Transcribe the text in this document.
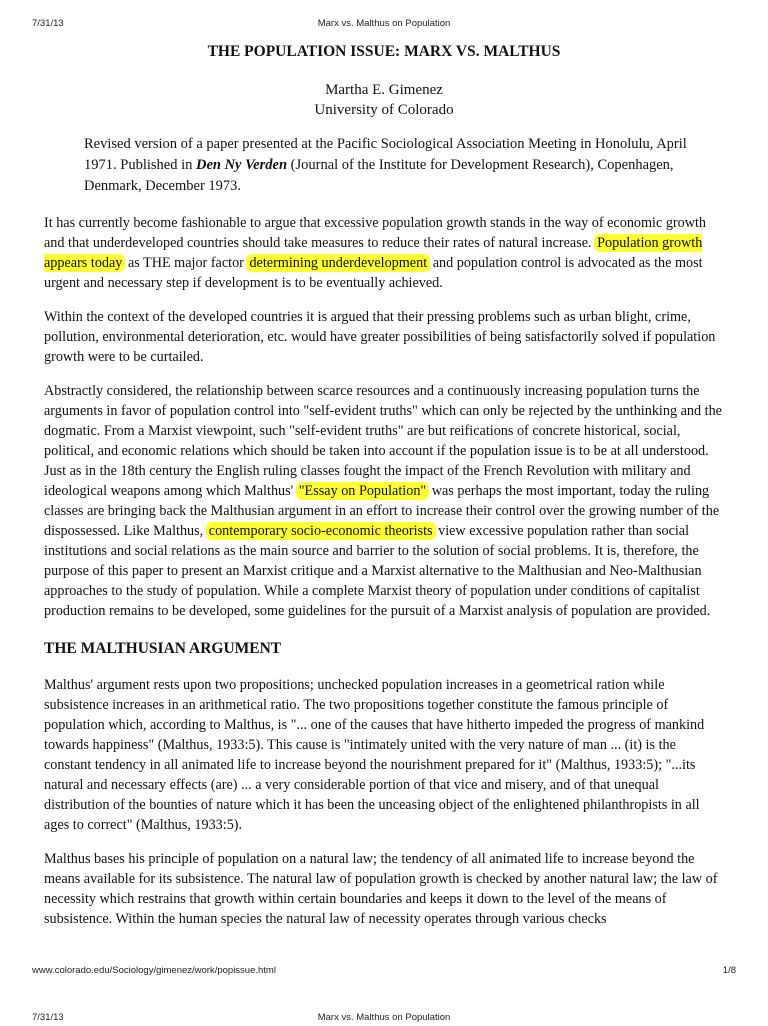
7/31/13	Marx vs. Malthus on Population
THE POPULATION ISSUE: MARX VS. MALTHUS
Martha E. Gimenez
University of Colorado
Revised version of a paper presented at the Pacific Sociological Association Meeting in Honolulu, April 1971. Published in Den Ny Verden (Journal of the Institute for Development Research), Copenhagen, Denmark, December 1973.

It has currently become fashionable to argue that excessive population growth stands in the way of economic growth and that underdeveloped countries should take measures to reduce their rates of natural increase. Population growth appears today as THE major factor determining underdevelopment and population control is advocated as the most urgent and necessary step if development is to be eventually achieved.

Within the context of the developed countries it is argued that their pressing problems such as urban blight, crime, pollution, environmental deterioration, etc. would have greater possibilities of being satisfactorily solved if population growth were to be curtailed.

Abstractly considered, the relationship between scarce resources and a continuously increasing population turns the arguments in favor of population control into "self-evident truths" which can only be rejected by the unthinking and the dogmatic. From a Marxist viewpoint, such "self-evident truths" are but reifications of concrete historical, social, political, and economic relations which should be taken into account if the population issue is to be at all understood. Just as in the 18th century the English ruling classes fought the impact of the French Revolution with military and ideological weapons among which Malthus' "Essay on Population" was perhaps the most important, today the ruling classes are bringing back the Malthusian argument in an effort to increase their control over the growing number of the dispossessed. Like Malthus, contemporary socio-economic theorists view excessive population rather than social institutions and social relations as the main source and barrier to the solution of social problems. It is, therefore, the purpose of this paper to present an Marxist critique and a Marxist alternative to the Malthusian and Neo-Malthusian approaches to the study of population. While a complete Marxist theory of population under conditions of capitalist production remains to be developed, some guidelines for the pursuit of a Marxist analysis of population are provided.

THE MALTHUSIAN ARGUMENT

Malthus' argument rests upon two propositions; unchecked population increases in a geometrical ration while subsistence increases in an arithmetical ratio. The two propositions together constitute the famous principle of population which, according to Malthus, is "... one of the causes that have hitherto impeded the progress of mankind towards happiness" (Malthus, 1933:5). This cause is "intimately united with the very nature of man ... (it) is the constant tendency in all animated life to increase beyond the nourishment prepared for it" (Malthus, 1933:5); "...its natural and necessary effects (are) ... a very considerable portion of that vice and misery, and of that unequal distribution of the bounties of nature which it has been the unceasing object of the enlightened philanthropists in all ages to correct" (Malthus, 1933:5).

Malthus bases his principle of population on a natural law; the tendency of all animated life to increase beyond the means available for its subsistence. The natural law of population growth is checked by another natural law; the law of necessity which restrains that growth within certain boundaries and keeps it down to the level of the means of subsistence. Within the human species the natural law of necessity operates through various checks

www.colorado.edu/Sociology/gimenez/work/popissue.html	1/8
7/31/13	Marx vs. Malthus on Population
